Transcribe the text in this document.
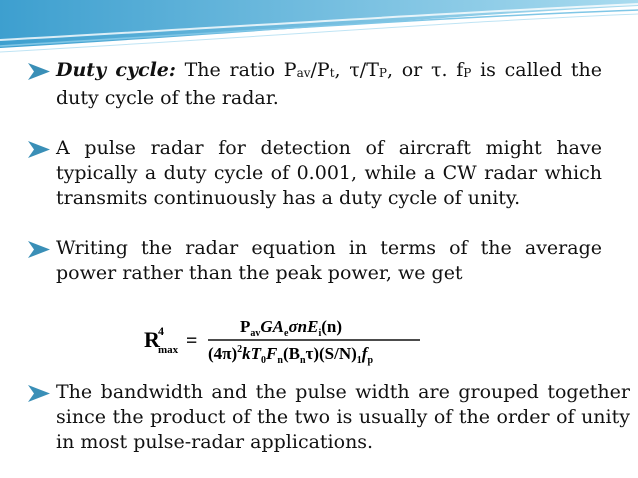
Duty cycle: The ratio Pav/Pt, τ/TP, or τ. fP is called the duty cycle of the radar.
A pulse radar for detection of aircraft might have typically a duty cycle of 0.001, while a CW radar which transmits continuously has a duty cycle of unity.
Writing the radar equation in terms of the average power rather than the peak power, we get
R
4
max =
$P_{av}GA_e\sigma nE_i(n)$
$(4\pi)^2kT_0F_n(B_n\tau)(S/N)_1f_p$
The bandwidth and the pulse width are grouped together since the product of the two is usually of the order of unity in most pulse-radar applications.
